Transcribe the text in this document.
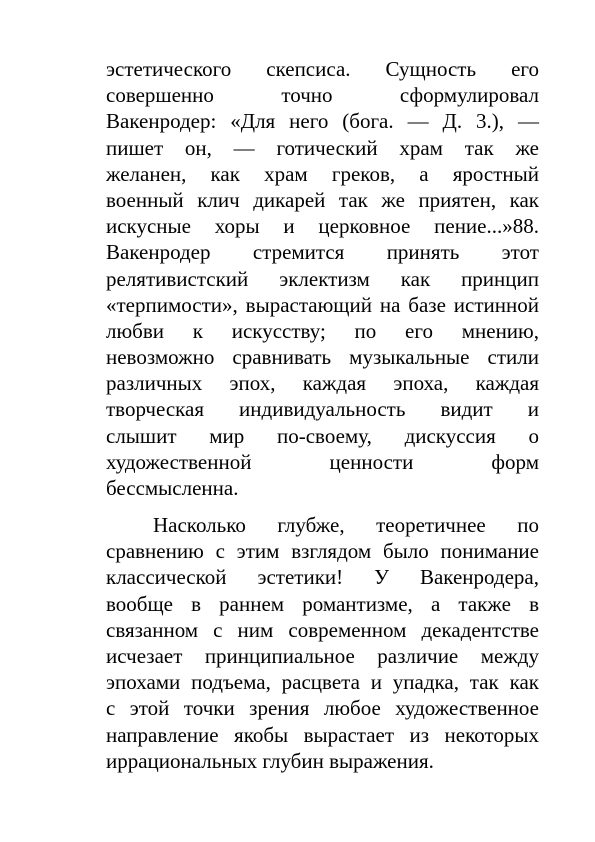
эстетического скепсиса. Сущность его
совершенно точно сформулировал
Вакенродер: «Для него (бога. — Д. 3.), —
пишет он, — готический храм так же
желанен, как храм греков, а яростный
военный клич дикарей так же приятен, как
искусные хоры и церковное пение...»88.
Вакенродер стремится принять этот
релятивистский эклектизм как принцип
«терпимости», вырастающий на базе истинной
любви к искусству; по его мнению,
невозможно сравнивать музыкальные стили
различных эпох, каждая эпоха, каждая
творческая индивидуальность видит и
слышит мир по-своему, дискуссия о
художественной ценности форм
бессмысленна.
Насколько глубже, теоретичнее по
сравнению с этим взглядом было понимание
классической эстетики! У Вакенродера,
вообще в раннем романтизме, а также в
связанном с ним современном декадентстве
исчезает принципиальное различие между
эпохами подъема, расцвета и упадка, так как
с этой точки зрения любое художественное
направление якобы вырастает из некоторых
иррациональных глубин выражения.
